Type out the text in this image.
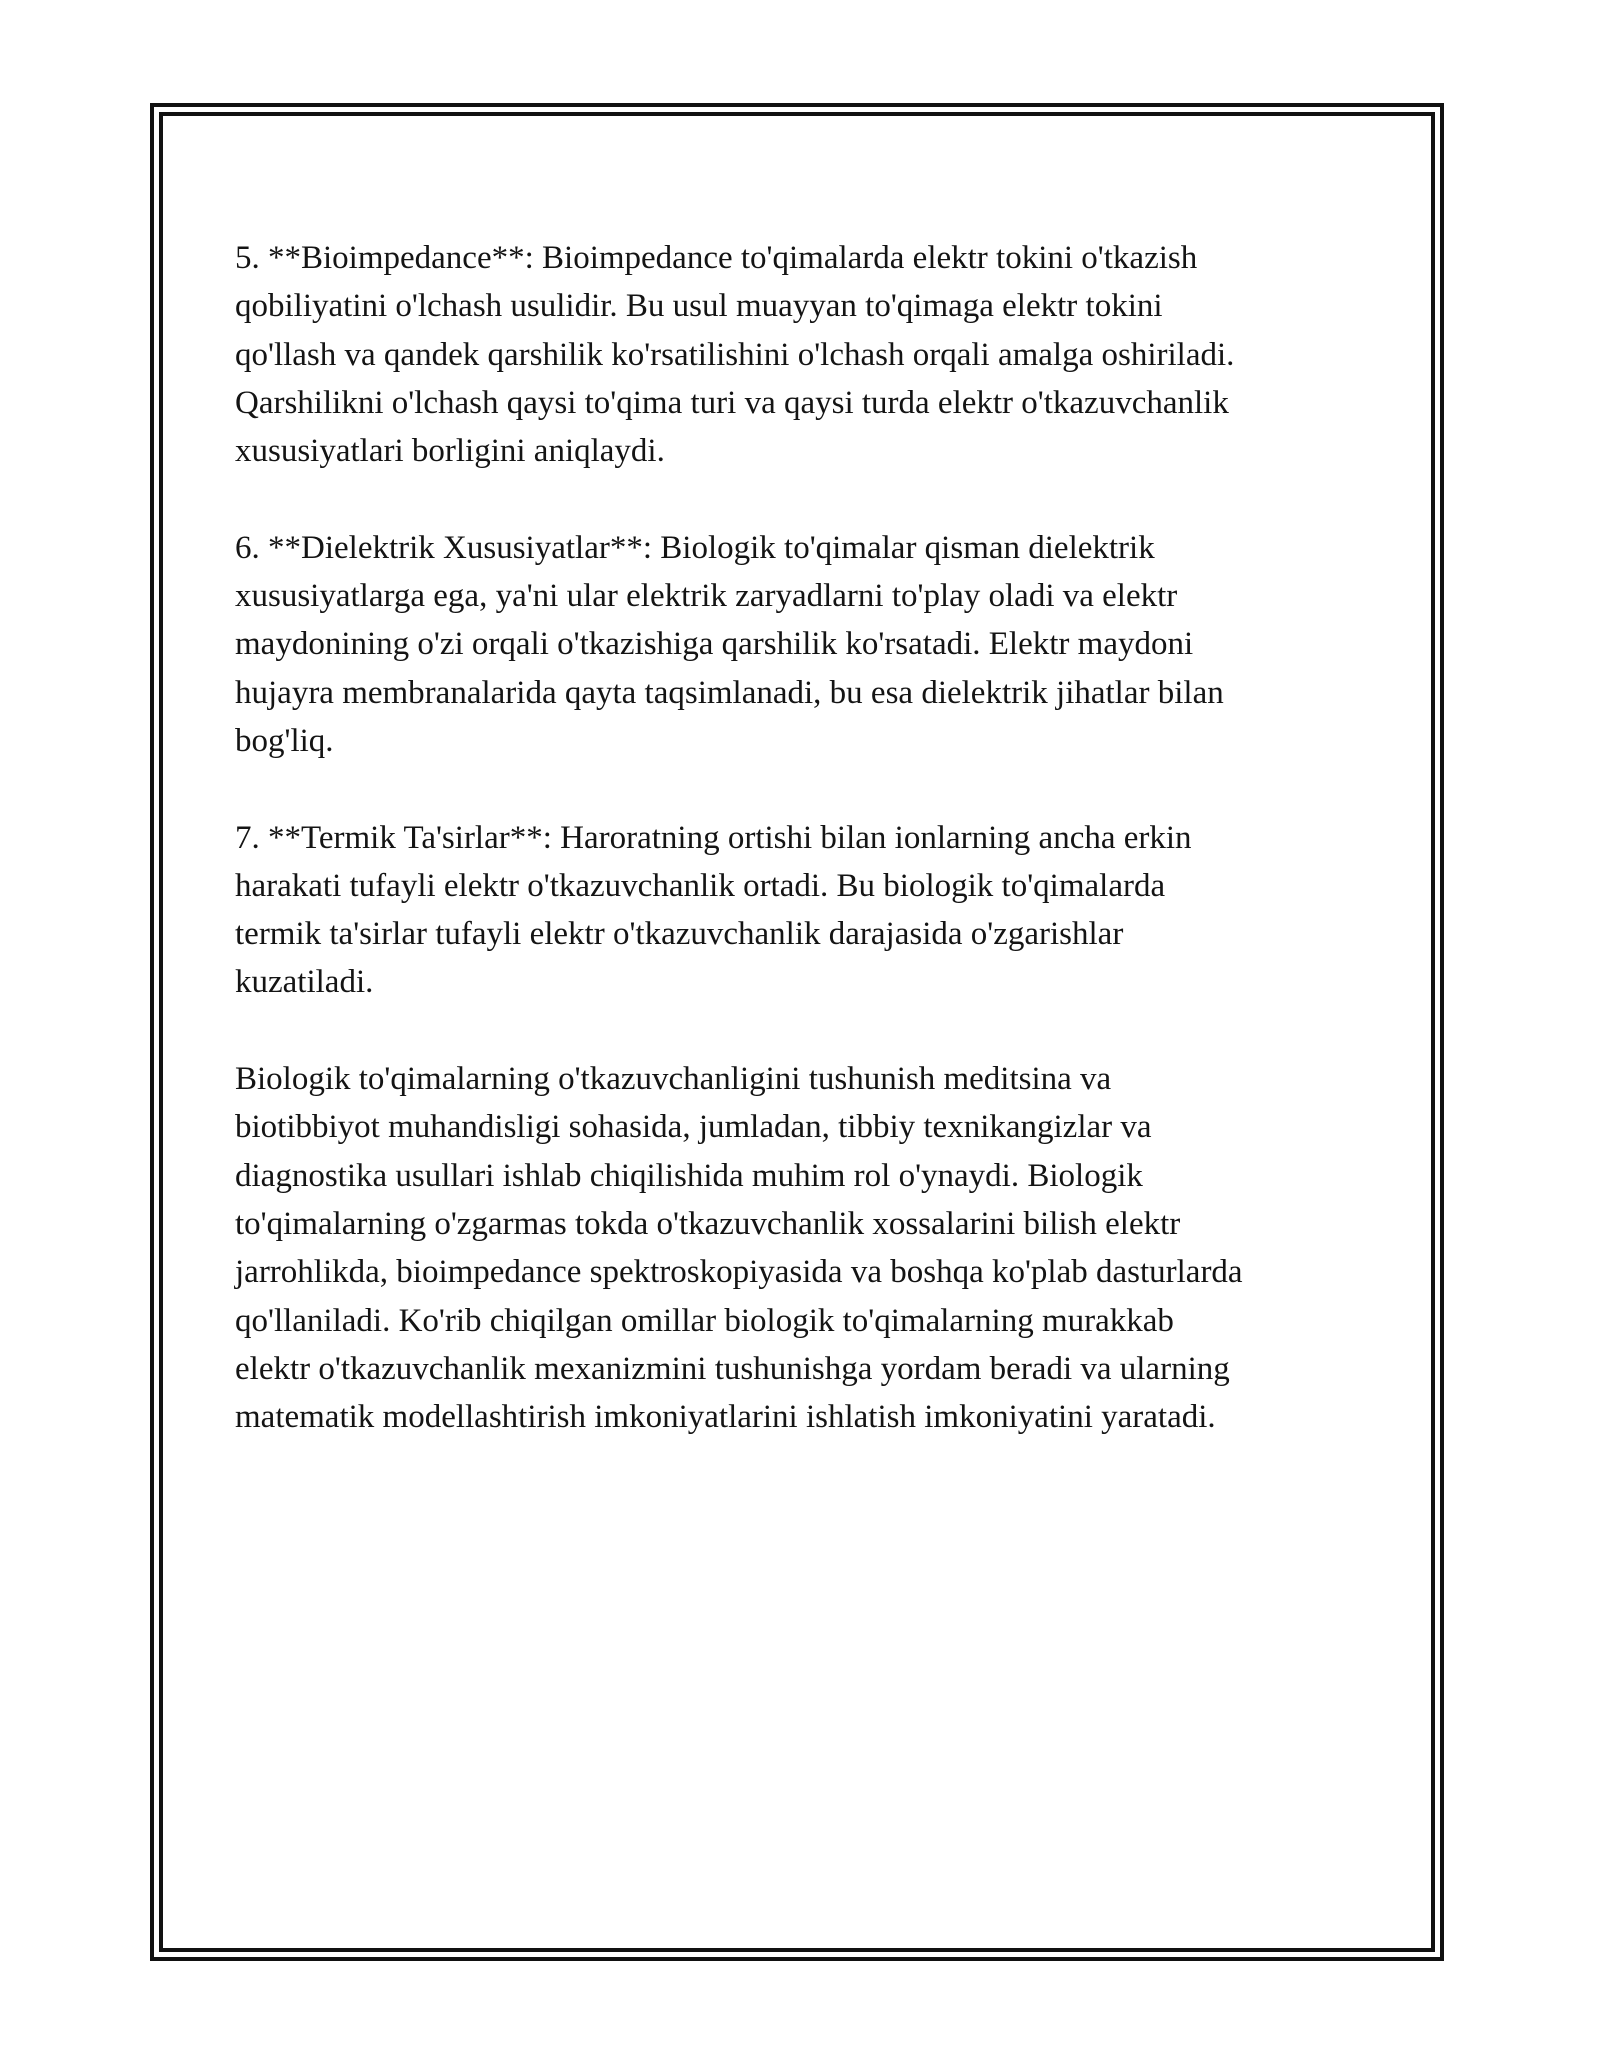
5. **Bioimpedance**: Bioimpedance to'qimalarda elektr tokini o'tkazish
qobiliyatini o'lchash usulidir. Bu usul muayyan to'qimaga elektr tokini
qo'llash va qandek qarshilik ko'rsatilishini o'lchash orqali amalga oshiriladi.
Qarshilikni o'lchash qaysi to'qima turi va qaysi turda elektr o'tkazuvchanlik
xususiyatlari borligini aniqlaydi.

6. **Dielektrik Xususiyatlar**: Biologik to'qimalar qisman dielektrik
xususiyatlarga ega, ya'ni ular elektrik zaryadlarni to'play oladi va elektr
maydonining o'zi orqali o'tkazishiga qarshilik ko'rsatadi. Elektr maydoni
hujayra membranalarida qayta taqsimlanadi, bu esa dielektrik jihatlar bilan
bog'liq.

7. **Termik Ta'sirlar**: Haroratning ortishi bilan ionlarning ancha erkin
harakati tufayli elektr o'tkazuvchanlik ortadi. Bu biologik to'qimalarda
termik ta'sirlar tufayli elektr o'tkazuvchanlik darajasida o'zgarishlar
kuzatiladi.

Biologik to'qimalarning o'tkazuvchanligini tushunish meditsina va
biotibbiyot muhandisligi sohasida, jumladan, tibbiy texnikangizlar va
diagnostika usullari ishlab chiqilishida muhim rol o'ynaydi. Biologik
to'qimalarning o'zgarmas tokda o'tkazuvchanlik xossalarini bilish elektr
jarrohlikda, bioimpedance spektroskopiyasida va boshqa ko'plab dasturlarda
qo'llaniladi. Ko'rib chiqilgan omillar biologik to'qimalarning murakkab
elektr o'tkazuvchanlik mexanizmini tushunishga yordam beradi va ularning
matematik modellashtirish imkoniyatlarini ishlatish imkoniyatini yaratadi.
